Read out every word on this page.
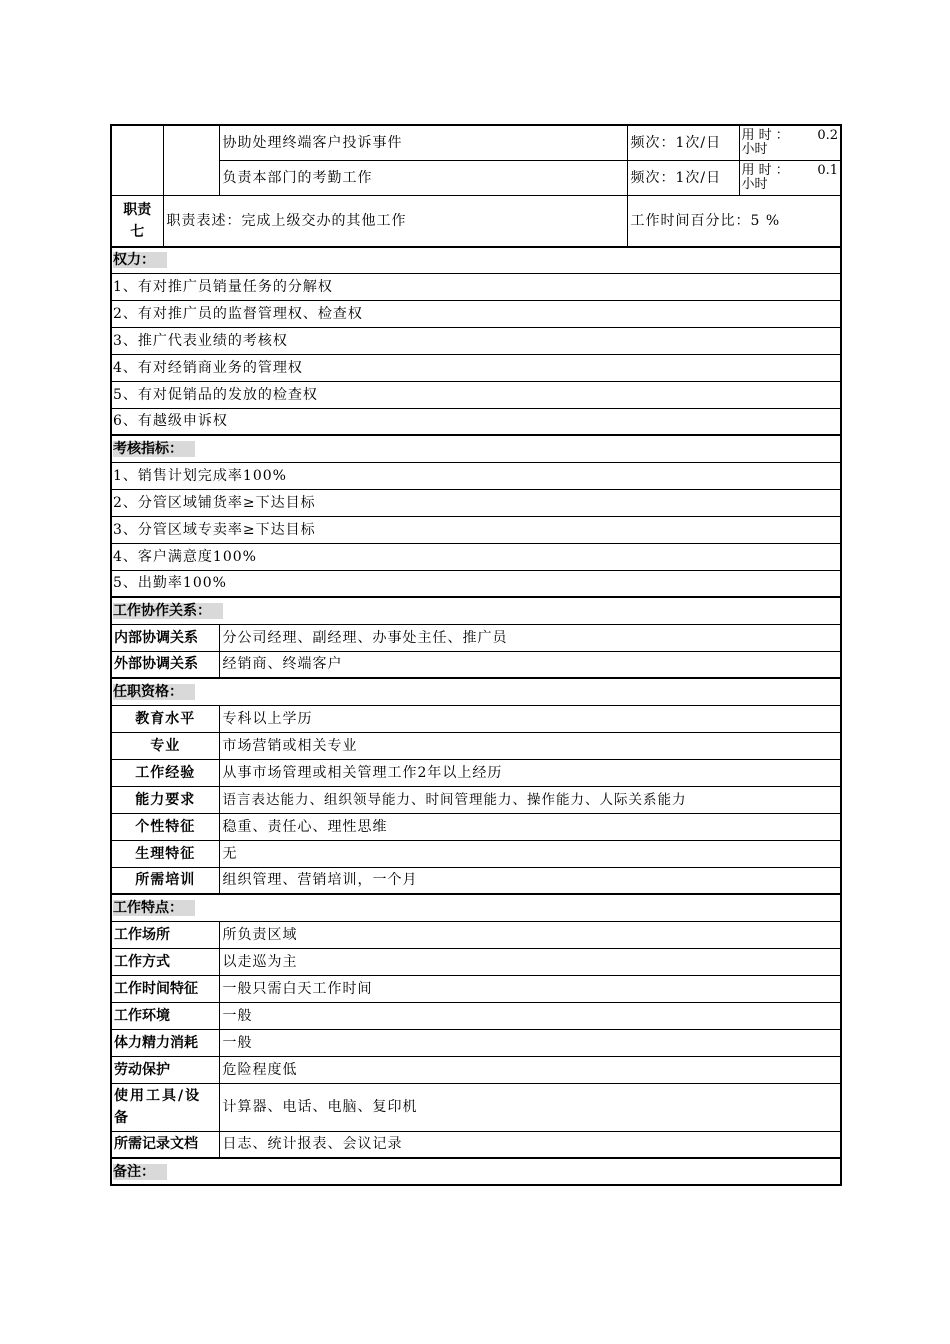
		协助处理终端客户投诉事件	频次：1次/日	用 时 ： 0.2
小时

		负责本部门的考勤工作	频次：1次/日	用 时 ： 0.1
小时

职责七	职责表述：完成上级交办的其他工作		工作时间百分比：5 %	
权力：				
1、有对推广员销量任务的分解权				
2、有对推广员的监督管理权、检查权				
3、推广代表业绩的考核权				
4、有对经销商业务的管理权				
5、有对促销品的发放的检查权				
6、有越级申诉权				
考核指标：				
1、销售计划完成率100%				
2、分管区域铺货率≥下达目标				
3、分管区域专卖率≥下达目标				
4、客户满意度100%				
5、出勤率100%				
工作协作关系：				
内部协调关系		分公司经理、副经理、办事处主任、推广员		
外部协调关系		经销商、终端客户		
任职资格：				
教育水平		专科以上学历		
专业		市场营销或相关专业		
工作经验		从事市场管理或相关管理工作2年以上经历		
能力要求		语言表达能力、组织领导能力、时间管理能力、操作能力、人际关系能力		
个性特征		稳重、责任心、理性思维		
生理特征		无		
所需培训		组织管理、营销培训，一个月		
工作特点：				
工作场所		所负责区域		
工作方式		以走巡为主		
工作时间特征		一般只需白天工作时间		
工作环境		一般		
体力精力消耗		一般		
劳动保护		危险程度低		
使用工具/设备		计算器、电话、电脑、复印机		
所需记录文档		日志、统计报表、会议记录		
备注：				
